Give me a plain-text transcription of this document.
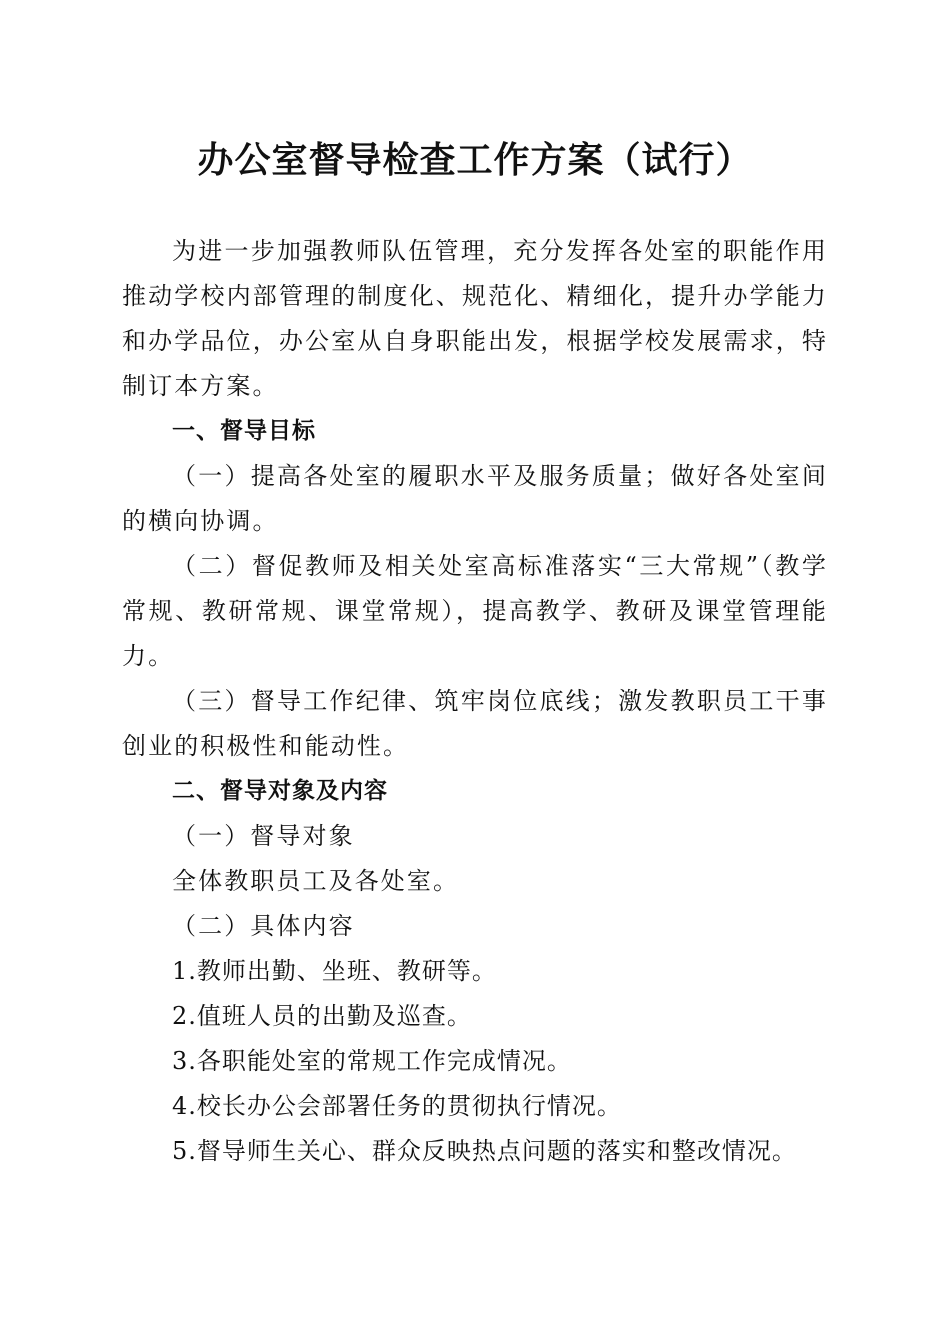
办公室督导检查工作方案（试行）

为进一步加强教师队伍管理，充分发挥各处室的职能作用推动学校内部管理的制度化、规范化、精细化，提升办学能力和办学品位，办公室从自身职能出发，根据学校发展需求，特制订本方案。

一、督导目标

（一）提高各处室的履职水平及服务质量；做好各处室间的横向协调。

（二）督促教师及相关处室高标准落实“三大常规”（教学常规、教研常规、课堂常规），提高教学、教研及课堂管理能力。

（三）督导工作纪律、筑牢岗位底线；激发教职员工干事创业的积极性和能动性。

二、督导对象及内容

（一）督导对象

全体教职员工及各处室。

（二）具体内容

1.教师出勤、坐班、教研等。

2.值班人员的出勤及巡查。

3.各职能处室的常规工作完成情况。

4.校长办公会部署任务的贯彻执行情况。

5.督导师生关心、群众反映热点问题的落实和整改情况。
